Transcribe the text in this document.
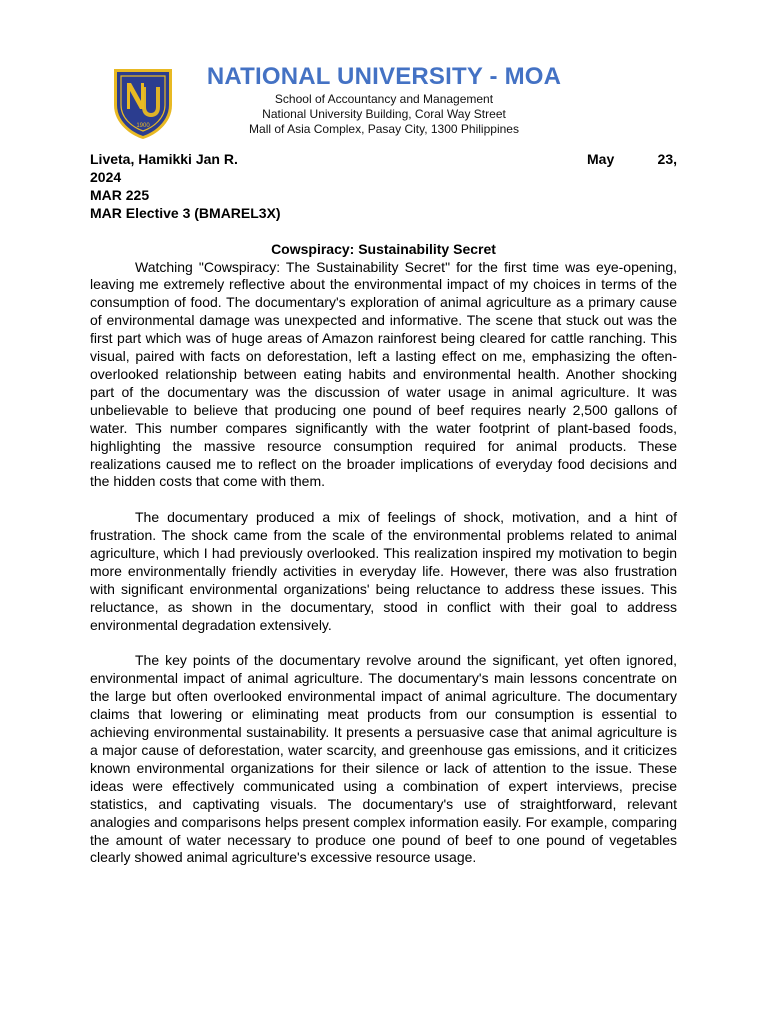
1900
NATIONAL UNIVERSITY - MOA
School of Accountancy and Management
National University Building, Coral Way Street
Mall of Asia Complex, Pasay City, 1300 Philippines
Liveta, Hamikki Jan R.	May	23,
2024
MAR 225
MAR Elective 3 (BMAREL3X)
Cowspiracy: Sustainability Secret

Watching "Cowspiracy: The Sustainability Secret" for the first time was eye-opening, leaving me extremely reflective about the environmental impact of my choices in terms of the consumption of food. The documentary's exploration of animal agriculture as a primary cause of environmental damage was unexpected and informative. The scene that stuck out was the first part which was of huge areas of Amazon rainforest being cleared for cattle ranching. This visual, paired with facts on deforestation, left a lasting effect on me, emphasizing the often-overlooked relationship between eating habits and environmental health. Another shocking part of the documentary was the discussion of water usage in animal agriculture. It was unbelievable to believe that producing one pound of beef requires nearly 2,500 gallons of water. This number compares significantly with the water footprint of plant-based foods, highlighting the massive resource consumption required for animal products. These realizations caused me to reflect on the broader implications of everyday food decisions and the hidden costs that come with them.

The documentary produced a mix of feelings of shock, motivation, and a hint of frustration. The shock came from the scale of the environmental problems related to animal agriculture, which I had previously overlooked. This realization inspired my motivation to begin more environmentally friendly activities in everyday life. However, there was also frustration with significant environmental organizations' being reluctance to address these issues. This reluctance, as shown in the documentary, stood in conflict with their goal to address environmental degradation extensively.

The key points of the documentary revolve around the significant, yet often ignored, environmental impact of animal agriculture. The documentary's main lessons concentrate on the large but often overlooked environmental impact of animal agriculture. The documentary claims that lowering or eliminating meat products from our consumption is essential to achieving environmental sustainability. It presents a persuasive case that animal agriculture is a major cause of deforestation, water scarcity, and greenhouse gas emissions, and it criticizes known environmental organizations for their silence or lack of attention to the issue. These ideas were effectively communicated using a combination of expert interviews, precise statistics, and captivating visuals. The documentary's use of straightforward, relevant analogies and comparisons helps present complex information easily. For example, comparing the amount of water necessary to produce one pound of beef to one pound of vegetables clearly showed animal agriculture's excessive resource usage.
